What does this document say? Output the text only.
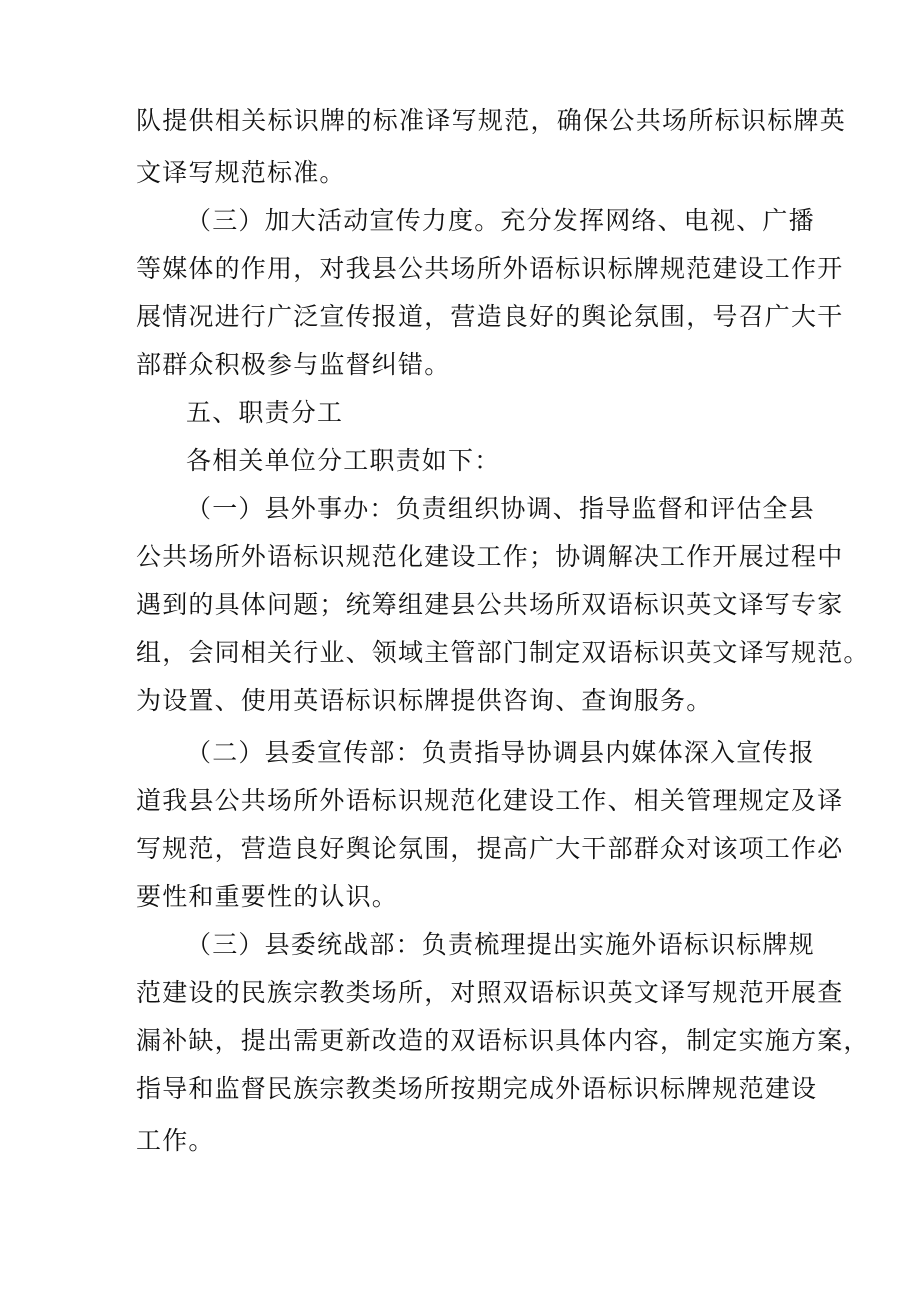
队提供相关标识牌的标准译写规范，确保公共场所标识标牌英
文译写规范标准。
（三）加大活动宣传力度。充分发挥网络、电视、广播
等媒体的作用，对我县公共场所外语标识标牌规范建设工作开
展情况进行广泛宣传报道，营造良好的舆论氛围，号召广大干
部群众积极参与监督纠错。
五、职责分工
各相关单位分工职责如下：
（一）县外事办：负责组织协调、指导监督和评估全县
公共场所外语标识规范化建设工作；协调解决工作开展过程中
遇到的具体问题；统筹组建县公共场所双语标识英文译写专家
组，会同相关行业、领域主管部门制定双语标识英文译写规范。
为设置、使用英语标识标牌提供咨询、查询服务。
（二）县委宣传部：负责指导协调县内媒体深入宣传报
道我县公共场所外语标识规范化建设工作、相关管理规定及译
写规范，营造良好舆论氛围，提高广大干部群众对该项工作必
要性和重要性的认识。
（三）县委统战部：负责梳理提出实施外语标识标牌规
范建设的民族宗教类场所，对照双语标识英文译写规范开展查
漏补缺，提出需更新改造的双语标识具体内容，制定实施方案，
指导和监督民族宗教类场所按期完成外语标识标牌规范建设
工作。
